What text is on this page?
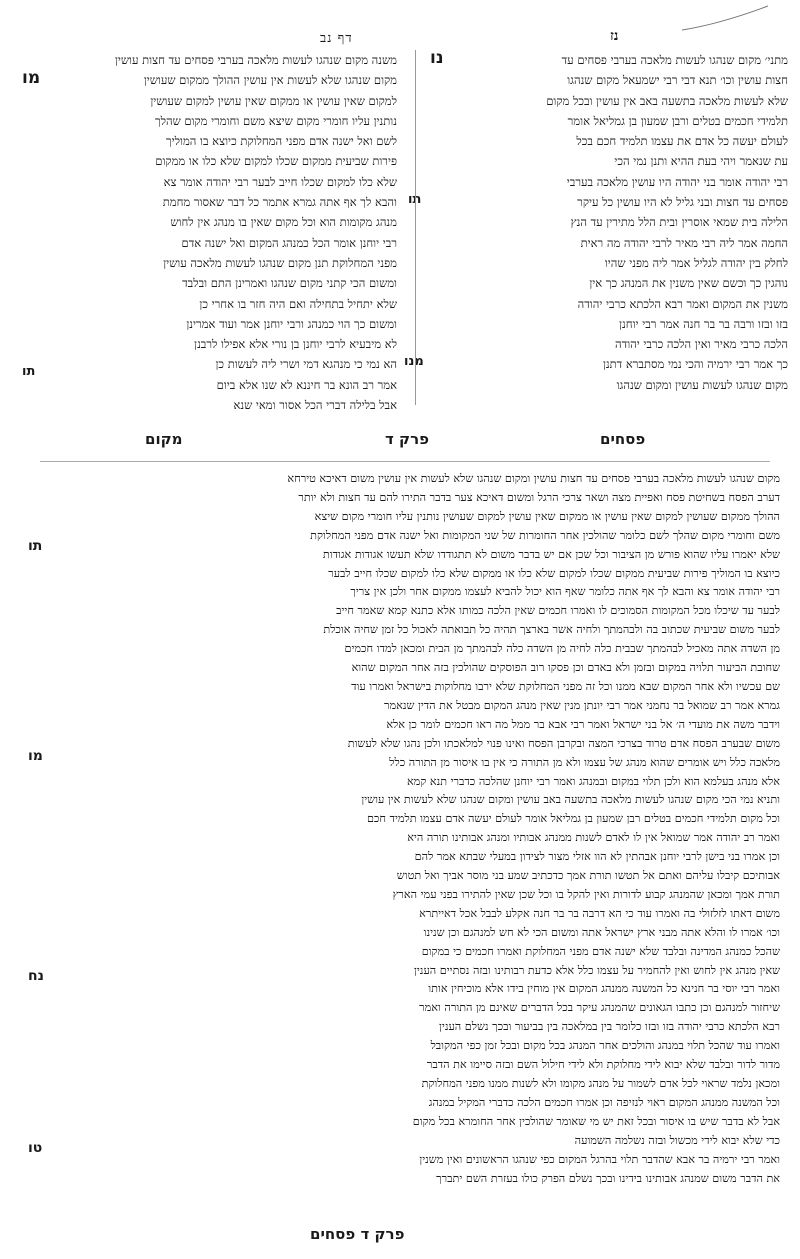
דף נב	נז
נו
תו
מנו
מתני׳ מקום שנהגו לעשות מלאכה בערבי פסחים עד
חצות עושין וכו׳ תנא דבי רבי ישמעאל מקום שנהגו
שלא לעשות מלאכה בתשעה באב אין עושין ובכל מקום
תלמידי חכמים בטלים ורבן שמעון בן גמליאל אומר
לעולם יעשה כל אדם את עצמו תלמיד חכם בכל
עת שנאמר ויהי בעת ההיא ותנן נמי הכי
רבי יהודה אומר בני יהודה היו עושין מלאכה בערבי
פסחים עד חצות ובני גליל לא היו עושין כל עיקר
הלילה בית שמאי אוסרין ובית הלל מתירין עד הנץ
החמה אמר ליה רבי מאיר לרבי יהודה מה ראית
לחלק בין יהודה לגליל אמר ליה מפני שהיו
נוהגין כך וכשם שאין משנין את המנהג כך אין
משנין את המקום ואמר רבא הלכתא כרבי יהודה
בזו ובזו ורבה בר בר חנה אמר רבי יוחנן
הלכה כרבי מאיר ואין הלכה כרבי יהודה
כך אמר רבי ירמיה והכי נמי מסתברא דתנן
מקום שנהגו לעשות עושין ומקום שנהגו
מו
תו
משנה מקום שנהגו לעשות מלאכה בערבי פסחים עד חצות עושין
מקום שנהגו שלא לעשות אין עושין ההולך ממקום שעושין
למקום שאין עושין או ממקום שאין עושין למקום שעושין
נותנין עליו חומרי מקום שיצא משם וחומרי מקום שהלך
לשם ואל ישנה אדם מפני המחלוקת כיוצא בו המוליך
פירות שביעית ממקום שכלו למקום שלא כלו או ממקום
שלא כלו למקום שכלו חייב לבער רבי יהודה אומר צא
והבא לך אף אתה גמרא אתמר כל דבר שאסור מחמת
מנהג מקומות הוא וכל מקום שאין בו מנהג אין לחוש
רבי יוחנן אומר הכל כמנהג המקום ואל ישנה אדם
מפני המחלוקת תנן מקום שנהגו לעשות מלאכה עושין
ומשום הכי קתני מקום שנהגו ואמרינן התם ובלבד
שלא יתחיל בתחילה ואם היה חזר בו אחרי כן
ומשום כך הוי כמנהג ורבי יוחנן אמר ועוד אמרינן
לא מיבעיא לרבי יוחנן בן נורי אלא אפילו לרבנן
הא נמי כי מנהגא דמי ושרי ליה לעשות כן
אמר רב הונא בר חיננא לא שנו אלא ביום
אבל בלילה דברי הכל אסור ומאי שנא
מקום	פרק ד	פסחים
תו
מו
נח
טו
מקום שנהגו לעשות מלאכה בערבי פסחים עד חצות עושין ומקום שנהגו שלא לעשות אין עושין משום דאיכא טירחא
דערב הפסח בשחיטת פסח ואפיית מצה ושאר צרכי הרגל ומשום דאיכא צער בדבר התירו להם עד חצות ולא יותר
ההולך ממקום שעושין למקום שאין עושין או ממקום שאין עושין למקום שעושין נותנין עליו חומרי מקום שיצא
משם וחומרי מקום שהלך לשם כלומר שהולכין אחר החומרות של שני המקומות ואל ישנה אדם מפני המחלוקת
שלא יאמרו עליו שהוא פורש מן הציבור וכל שכן אם יש בדבר משום לא תתגודדו שלא תעשו אגודות אגודות
כיוצא בו המוליך פירות שביעית ממקום שכלו למקום שלא כלו או ממקום שלא כלו למקום שכלו חייב לבער
רבי יהודה אומר צא והבא לך אף אתה כלומר שאף הוא יכול להביא לעצמו ממקום אחר ולכן אין צריך
לבער עד שיכלו מכל המקומות הסמוכים לו ואמרו חכמים שאין הלכה כמותו אלא כתנא קמא שאמר חייב
לבער משום שביעית שכתוב בה ולבהמתך ולחיה אשר בארצך תהיה כל תבואתה לאכול כל זמן שחיה אוכלת
מן השדה אתה מאכיל לבהמתך שבבית כלה לחיה מן השדה כלה לבהמתך מן הבית ומכאן למדו חכמים
שחובת הביעור תלויה במקום ובזמן ולא באדם וכן פסקו רוב הפוסקים שהולכין בזה אחר המקום שהוא
שם עכשיו ולא אחר המקום שבא ממנו וכל זה מפני המחלוקת שלא ירבו מחלוקות בישראל ואמרו עוד
גמרא אמר רב שמואל בר נחמני אמר רבי יונתן מנין שאין מנהג המקום מבטל את הדין שנאמר
וידבר משה את מועדי ה׳ אל בני ישראל ואמר רבי אבא בר ממל מה ראו חכמים לומר כן אלא
משום שבערב הפסח אדם טרוד בצרכי המצה ובקרבן הפסח ואינו פנוי למלאכתו ולכן נהגו שלא לעשות
מלאכה כלל ויש אומרים שהוא מנהג של עצמו ולא מן התורה כי אין בו איסור מן התורה כלל
אלא מנהג בעלמא הוא ולכן תלוי במקום ובמנהג ואמר רבי יוחנן שהלכה כדברי תנא קמא
ותניא נמי הכי מקום שנהגו לעשות מלאכה בתשעה באב עושין ומקום שנהגו שלא לעשות אין עושין
וכל מקום תלמידי חכמים בטלים רבן שמעון בן גמליאל אומר לעולם יעשה אדם עצמו תלמיד חכם
ואמר רב יהודה אמר שמואל אין לו לאדם לשנות ממנהג אבותיו ומנהג אבותינו תורה היא
וכן אמרו בני בישן לרבי יוחנן אבהתין לא הוו אזלי מצור לצידון במעלי שבתא אמר להם
אבותיכם קיבלו עליהם ואתם אל תטשו תורת אמך כדכתיב שמע בני מוסר אביך ואל תטוש
תורת אמך ומכאן שהמנהג קבוע לדורות ואין להקל בו וכל שכן שאין להתירו בפני עמי הארץ
משום דאתו לזלזולי בה ואמרו עוד כי הא דרבה בר בר חנה אקלע לבבל אכל דאייתרא
וכו׳ אמרו לו והלא אתה מבני ארץ ישראל אתה ומשום הכי לא חש למנהגם וכן שנינו
שהכל כמנהג המדינה ובלבד שלא ישנה אדם מפני המחלוקת ואמרו חכמים כי במקום
שאין מנהג אין לחוש ואין להחמיר על עצמו כלל אלא כדעת רבותינו ובזה נסתיים הענין
ואמר רבי יוסי בר חנינא כל המשנה ממנהג המקום אין מוחין בידו אלא מוכיחין אותו
שיחזור למנהגם וכן כתבו הגאונים שהמנהג עיקר בכל הדברים שאינם מן התורה ואמר
רבא הלכתא כרבי יהודה בזו ובזו כלומר בין במלאכה בין בביעור ובכך נשלם הענין
ואמרו עוד שהכל תלוי במנהג והולכים אחר המנהג בכל מקום ובכל זמן כפי המקובל
מדור לדור ובלבד שלא יבוא לידי מחלוקת ולא לידי חילול השם ובזה סיימו את הדבר
ומכאן נלמד שראוי לכל אדם לשמור על מנהג מקומו ולא לשנות ממנו מפני המחלוקת
וכל המשנה ממנהג המקום ראוי לנזיפה וכן אמרו חכמים הלכה כדברי המקיל במנהג
אבל לא בדבר שיש בו איסור ובכל זאת יש מי שאומר שהולכין אחר החומרא בכל מקום
כדי שלא יבוא לידי מכשול ובזה נשלמה השמועה
ואמר רבי ירמיה בר אבא שהדבר תלוי בהרגל המקום כפי שנהגו הראשונים ואין משנין
את הדבר משום שמנהג אבותינו בידינו ובכך נשלם הפרק כולו בעזרת השם יתברך
פרק ד פסחים
